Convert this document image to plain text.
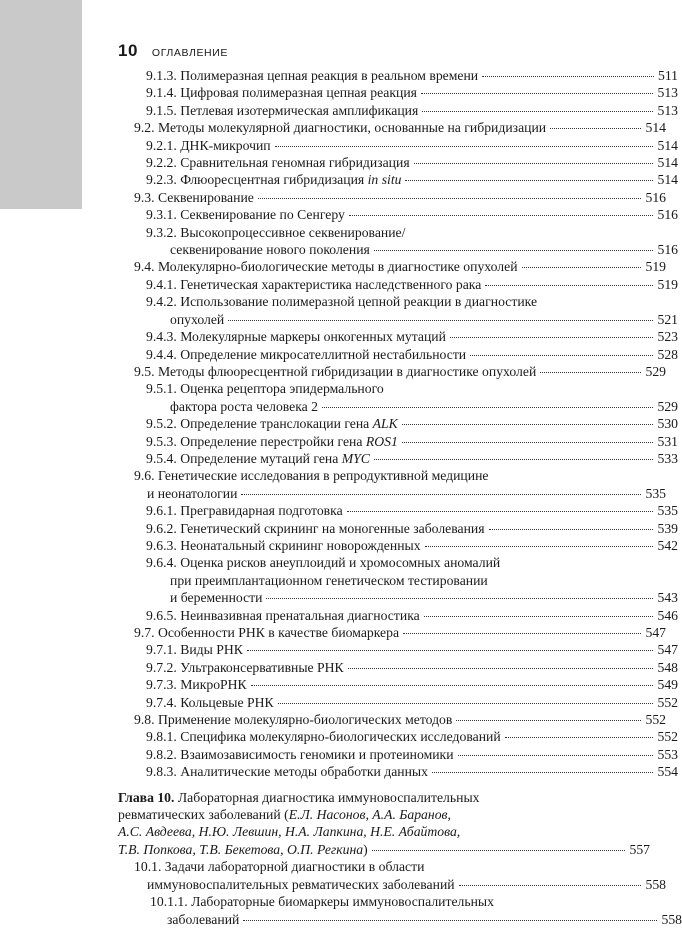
10 ОГЛАВЛЕНИЕ
9.1.3. Полимеразная цепная реакция в реальном времени	511
9.1.4. Цифровая полимеразная цепная реакция	513
9.1.5. Петлевая изотермическая амплификация	513
9.2. Методы молекулярной диагностики, основанные на гибридизации	514
9.2.1. ДНК-микрочип	514
9.2.2. Сравнительная геномная гибридизация	514
9.2.3. Флюоресцентная гибридизация in situ	514
9.3. Секвенирование	516
9.3.1. Секвенирование по Сенгеру	516
9.3.2. Высокопроцессивное секвенирование/
секвенирование нового поколения	516
9.4. Молекулярно-биологические методы в диагностике опухолей	519
9.4.1. Генетическая характеристика наследственного рака	519
9.4.2. Использование полимеразной цепной реакции в диагностике
опухолей	521
9.4.3. Молекулярные маркеры онкогенных мутаций	523
9.4.4. Определение микросателлитной нестабильности	528
9.5. Методы флюоресцентной гибридизации в диагностике опухолей	529
9.5.1. Оценка рецептора эпидермального
фактора роста человека 2	529
9.5.2. Определение транслокации гена ALK	530
9.5.3. Определение перестройки гена ROS1	531
9.5.4. Определение мутаций гена MYC	533
9.6. Генетические исследования в репродуктивной медицине
и неонатологии	535
9.6.1. Прегравидарная подготовка	535
9.6.2. Генетический скрининг на моногенные заболевания	539
9.6.3. Неонатальный скрининг новорожденных	542
9.6.4. Оценка рисков анеуплоидий и хромосомных аномалий
при преимплантационном генетическом тестировании
и беременности	543
9.6.5. Неинвазивная пренатальная диагностика	546
9.7. Особенности РНК в качестве биомаркера	547
9.7.1. Виды РНК	547
9.7.2. Ультраконсервативные РНК	548
9.7.3. МикроРНК	549
9.7.4. Кольцевые РНК	552
9.8. Применение молекулярно-биологических методов	552
9.8.1. Специфика молекулярно-биологических исследований	552
9.8.2. Взаимозависимость геномики и протеиномики	553
9.8.3. Аналитические методы обработки данных	554
Глава 10. Лабораторная диагностика иммуновоспалительных
ревматических заболеваний (Е.Л. Насонов, А.А. Баранов,
А.С. Авдеева, Н.Ю. Левшин, Н.А. Лапкина, Н.Е. Абайтова,
Т.В. Попкова, Т.В. Бекетова, О.П. Регкина)	557
10.1. Задачи лабораторной диагностики в области
иммуновоспалительных ревматических заболеваний	558
10.1.1. Лабораторные биомаркеры иммуновоспалительных
заболеваний	558
